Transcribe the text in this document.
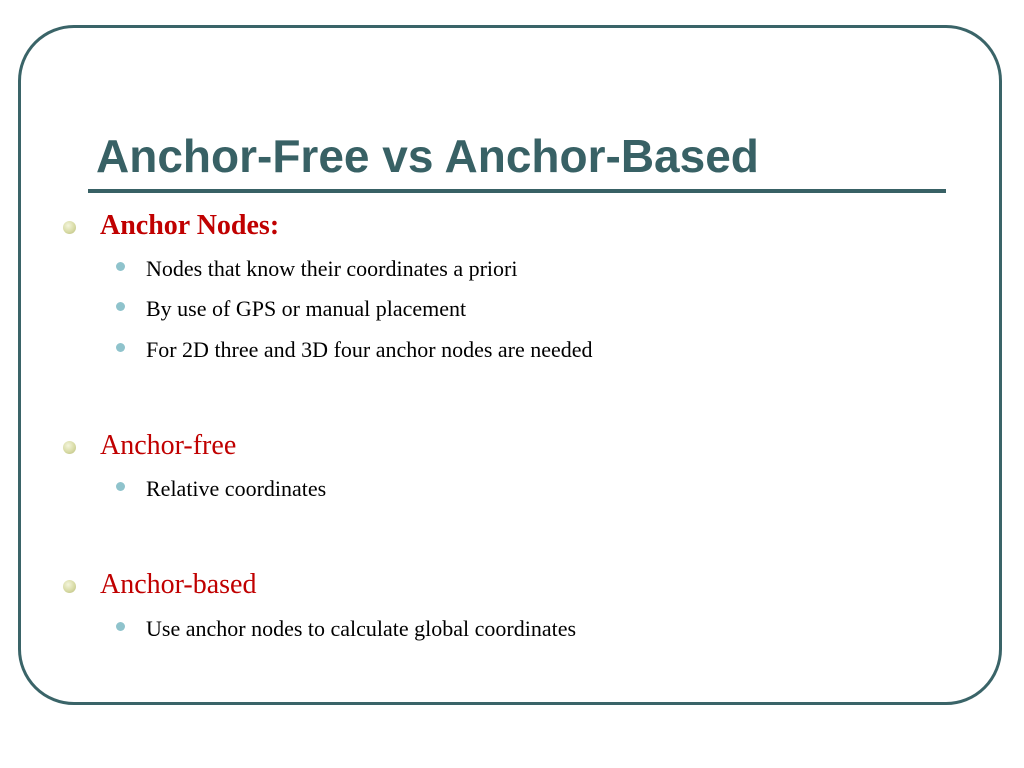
Anchor-Free vs Anchor-Based
Anchor Nodes:
Nodes that know their coordinates a priori
By use of GPS or manual placement
For 2D three and 3D four anchor nodes are needed
Anchor-free
Relative coordinates
Anchor-based
Use anchor nodes to calculate global coordinates
